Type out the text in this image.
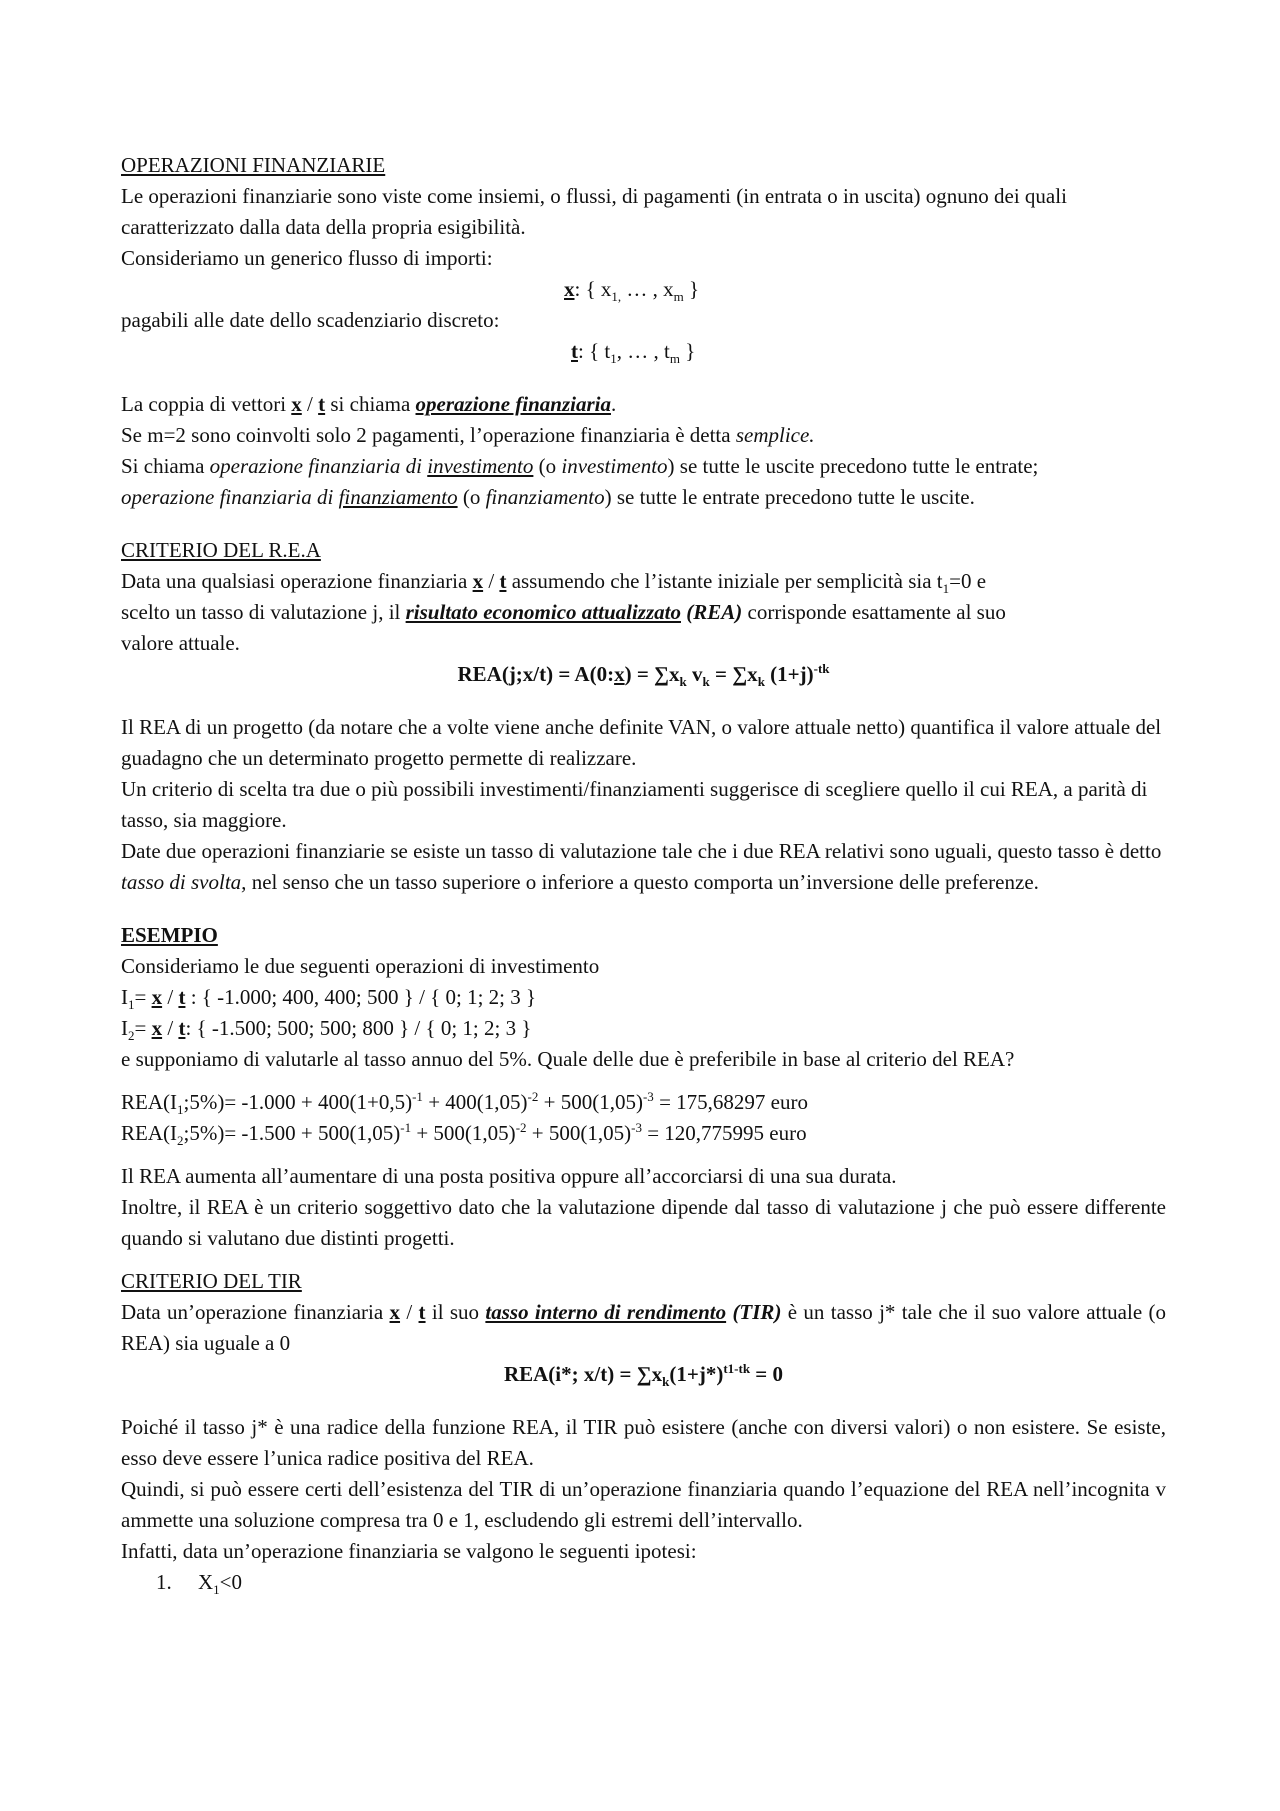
OPERAZIONI FINANZIARIE

Le operazioni finanziarie sono viste come insiemi, o flussi, di pagamenti (in entrata o in uscita) ognuno dei quali caratterizzato dalla data della propria esigibilità.

Consideriamo un generico flusso di importi:

x: { $x_{1,}$ … , $x_m$ }

pagabili alle date dello scadenziario discreto:

t: { $t_1$, … , $t_m$ }

La coppia di vettori x / t si chiama operazione finanziaria.

Se m=2 sono coinvolti solo 2 pagamenti, l’operazione finanziaria è detta semplice.

Si chiama operazione finanziaria di investimento (o investimento) se tutte le uscite precedono tutte le entrate;

operazione finanziaria di finanziamento (o finanziamento) se tutte le entrate precedono tutte le uscite.

CRITERIO DEL R.E.A

Data una qualsiasi operazione finanziaria x / t assumendo che l’istante iniziale per semplicità sia $t_1=0$ e

scelto un tasso di valutazione j, il risultato economico attualizzato (REA) corrisponde esattamente al suo

valore attuale.

REA(j;x/t) = A(0:x) = $\sum x_k$ $v_k = \sum x_k$ $(1+j)^{-tk}$

Il REA di un progetto (da notare che a volte viene anche definite VAN, o valore attuale netto) quantifica il valore attuale del guadagno che un determinato progetto permette di realizzare.

Un criterio di scelta tra due o più possibili investimenti/finanziamenti suggerisce di scegliere quello il cui REA, a parità di tasso, sia maggiore.

Date due operazioni finanziarie se esiste un tasso di valutazione tale che i due REA relativi sono uguali, questo tasso è detto tasso di svolta, nel senso che un tasso superiore o inferiore a questo comporta un’inversione delle preferenze.

ESEMPIO

Consideriamo le due seguenti operazioni di investimento

$I_1= x / t$ : { -1.000; 400, 400; 500 } / { 0; 1; 2; 3 }

$I_2= x / t$: { -1.500; 500; 500; 800 } / { 0; 1; 2; 3 }

e supponiamo di valutarle al tasso annuo del 5%. Quale delle due è preferibile in base al criterio del REA?

$REA(I_1;5\%)= -1.000 + 400(1+0,5)^{-1} + 400(1,05)^{-2} + 500(1,05)^{-3} = 175,68297$ euro

$REA(I_2;5\%)= -1.500 + 500(1,05)^{-1} + 500(1,05)^{-2} + 500(1,05)^{-3} = 120,775995$ euro

Il REA aumenta all’aumentare di una posta positiva oppure all’accorciarsi di una sua durata.

Inoltre, il REA è un criterio soggettivo dato che la valutazione dipende dal tasso di valutazione j che può essere differente quando si valutano due distinti progetti.

CRITERIO DEL TIR

Data un’operazione finanziaria x / t il suo tasso interno di rendimento (TIR) è un tasso j* tale che il suo valore attuale (o REA) sia uguale a 0

REA(i*; $x/t) = \sum x_k(1+j*)^{t1-tk} = 0$

Poiché il tasso j* è una radice della funzione REA, il TIR può esistere (anche con diversi valori) o non esistere. Se esiste, esso deve essere l’unica radice positiva del REA.

Quindi, si può essere certi dell’esistenza del TIR di un’operazione finanziaria quando l’equazione del REA nell’incognita v ammette una soluzione compresa tra 0 e 1, escludendo gli estremi dell’intervallo.

Infatti, data un’operazione finanziaria se valgono le seguenti ipotesi:

1. $X_1<0$
